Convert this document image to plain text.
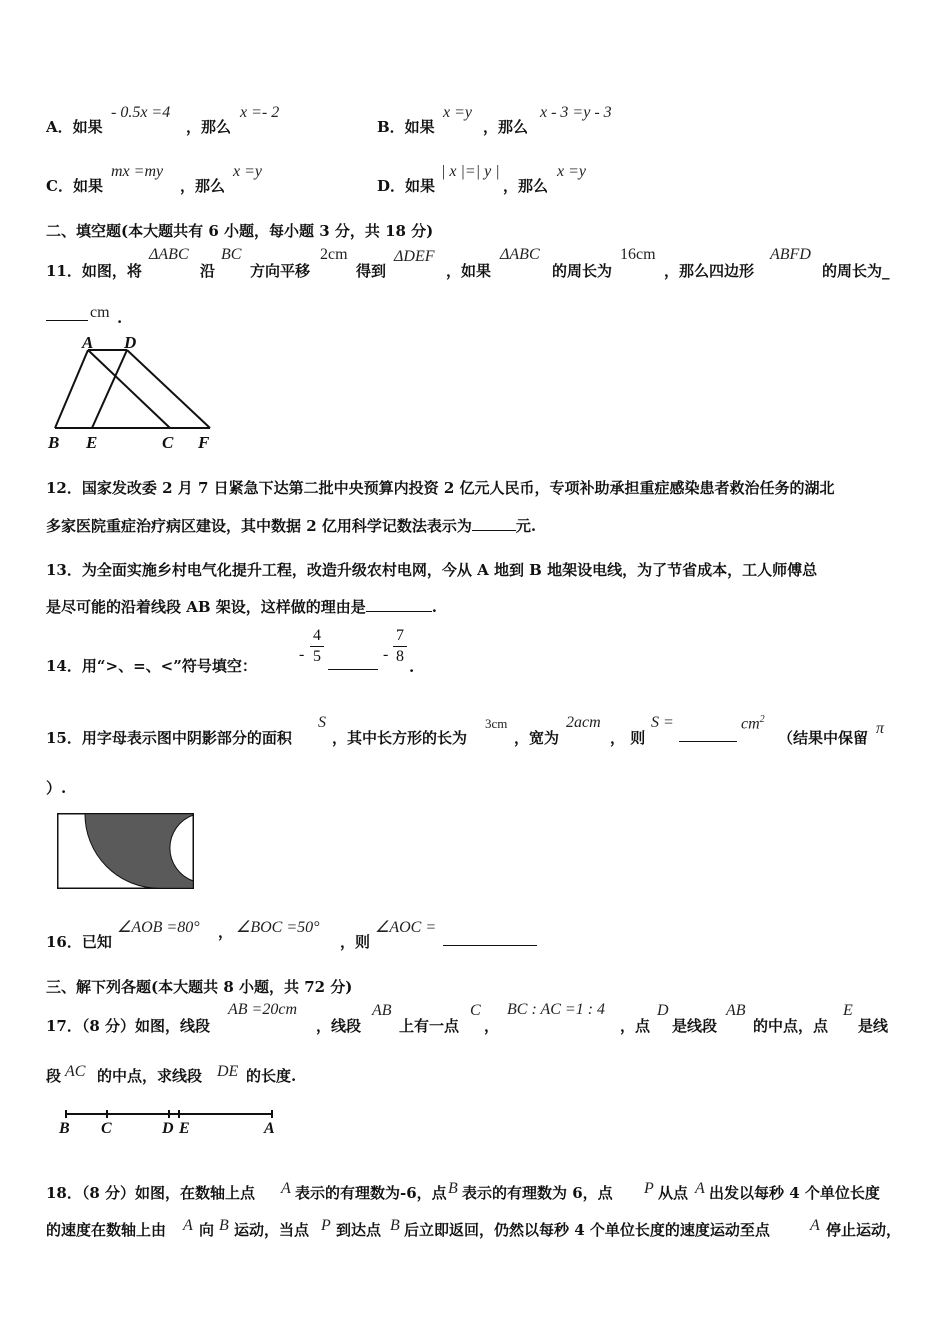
A．如果
- 0.5x =4
，那么
x =- 2
B．如果
x =y
，那么
x - 3 =y - 3
C．如果
mx =my
，那么
x =y
D．如果
| x |=| y |
，那么
x =y
二、填空题(本大题共有 6 小题，每小题 3 分，共 18 分)
11．如图，将
ΔABC
沿
BC
方向平移
2cm
得到
ΔDEF
，如果
ΔABC
的周长为
16cm
，那么四边形
ABFD
的周长为_
cm .
A D
B E	C F
12．国家发改委 2 月 7 日紧急下达第二批中央预算内投资 2 亿元人民币，专项补助承担重症感染患者救治任务的湖北
多家医院重症治疗病区建设，其中数据 2 亿用科学记数法表示为	元.
13．为全面实施乡村电气化提升工程，改造升级农村电网，今从 A 地到 B 地架设电线，为了节省成本，工人师傅总
是尽可能的沿着线段 AB 架设，这样做的理由是	.
14．用“>、=、<”符号填空：
-
4
5	-
7
8
.
15．用字母表示图中阴影部分的面积
S
，其中长方形的长为
3cm
，宽为
2acm
， 则
S =	$cm^2$
（结果中保留
π
）.
16．已知
∠AOB =80° ， ∠BOC =50°
，则
∠AOC =
三、解下列各题(本大题共 8 小题，共 72 分)
17．（8 分）如图，线段
AB =20cm
，线段
AB
上有一点
C
，
BC : AC =1 : 4
，点
D
是线段
AB
的中点，点
E
是线
段 AC 的中点，求线段 DE 的长度.
B C	D E	A
18．（8 分）如图，在数轴上点 A 表示的有理数为-6，点 B 表示的有理数为 6，点 P 从点 A 出发以每秒 4 个单位长度
的速度在数轴上由 A 向 B 运动，当点 P 到达点 B 后立即返回，仍然以每秒 4 个单位长度的速度运动至点	A 停止运动，
